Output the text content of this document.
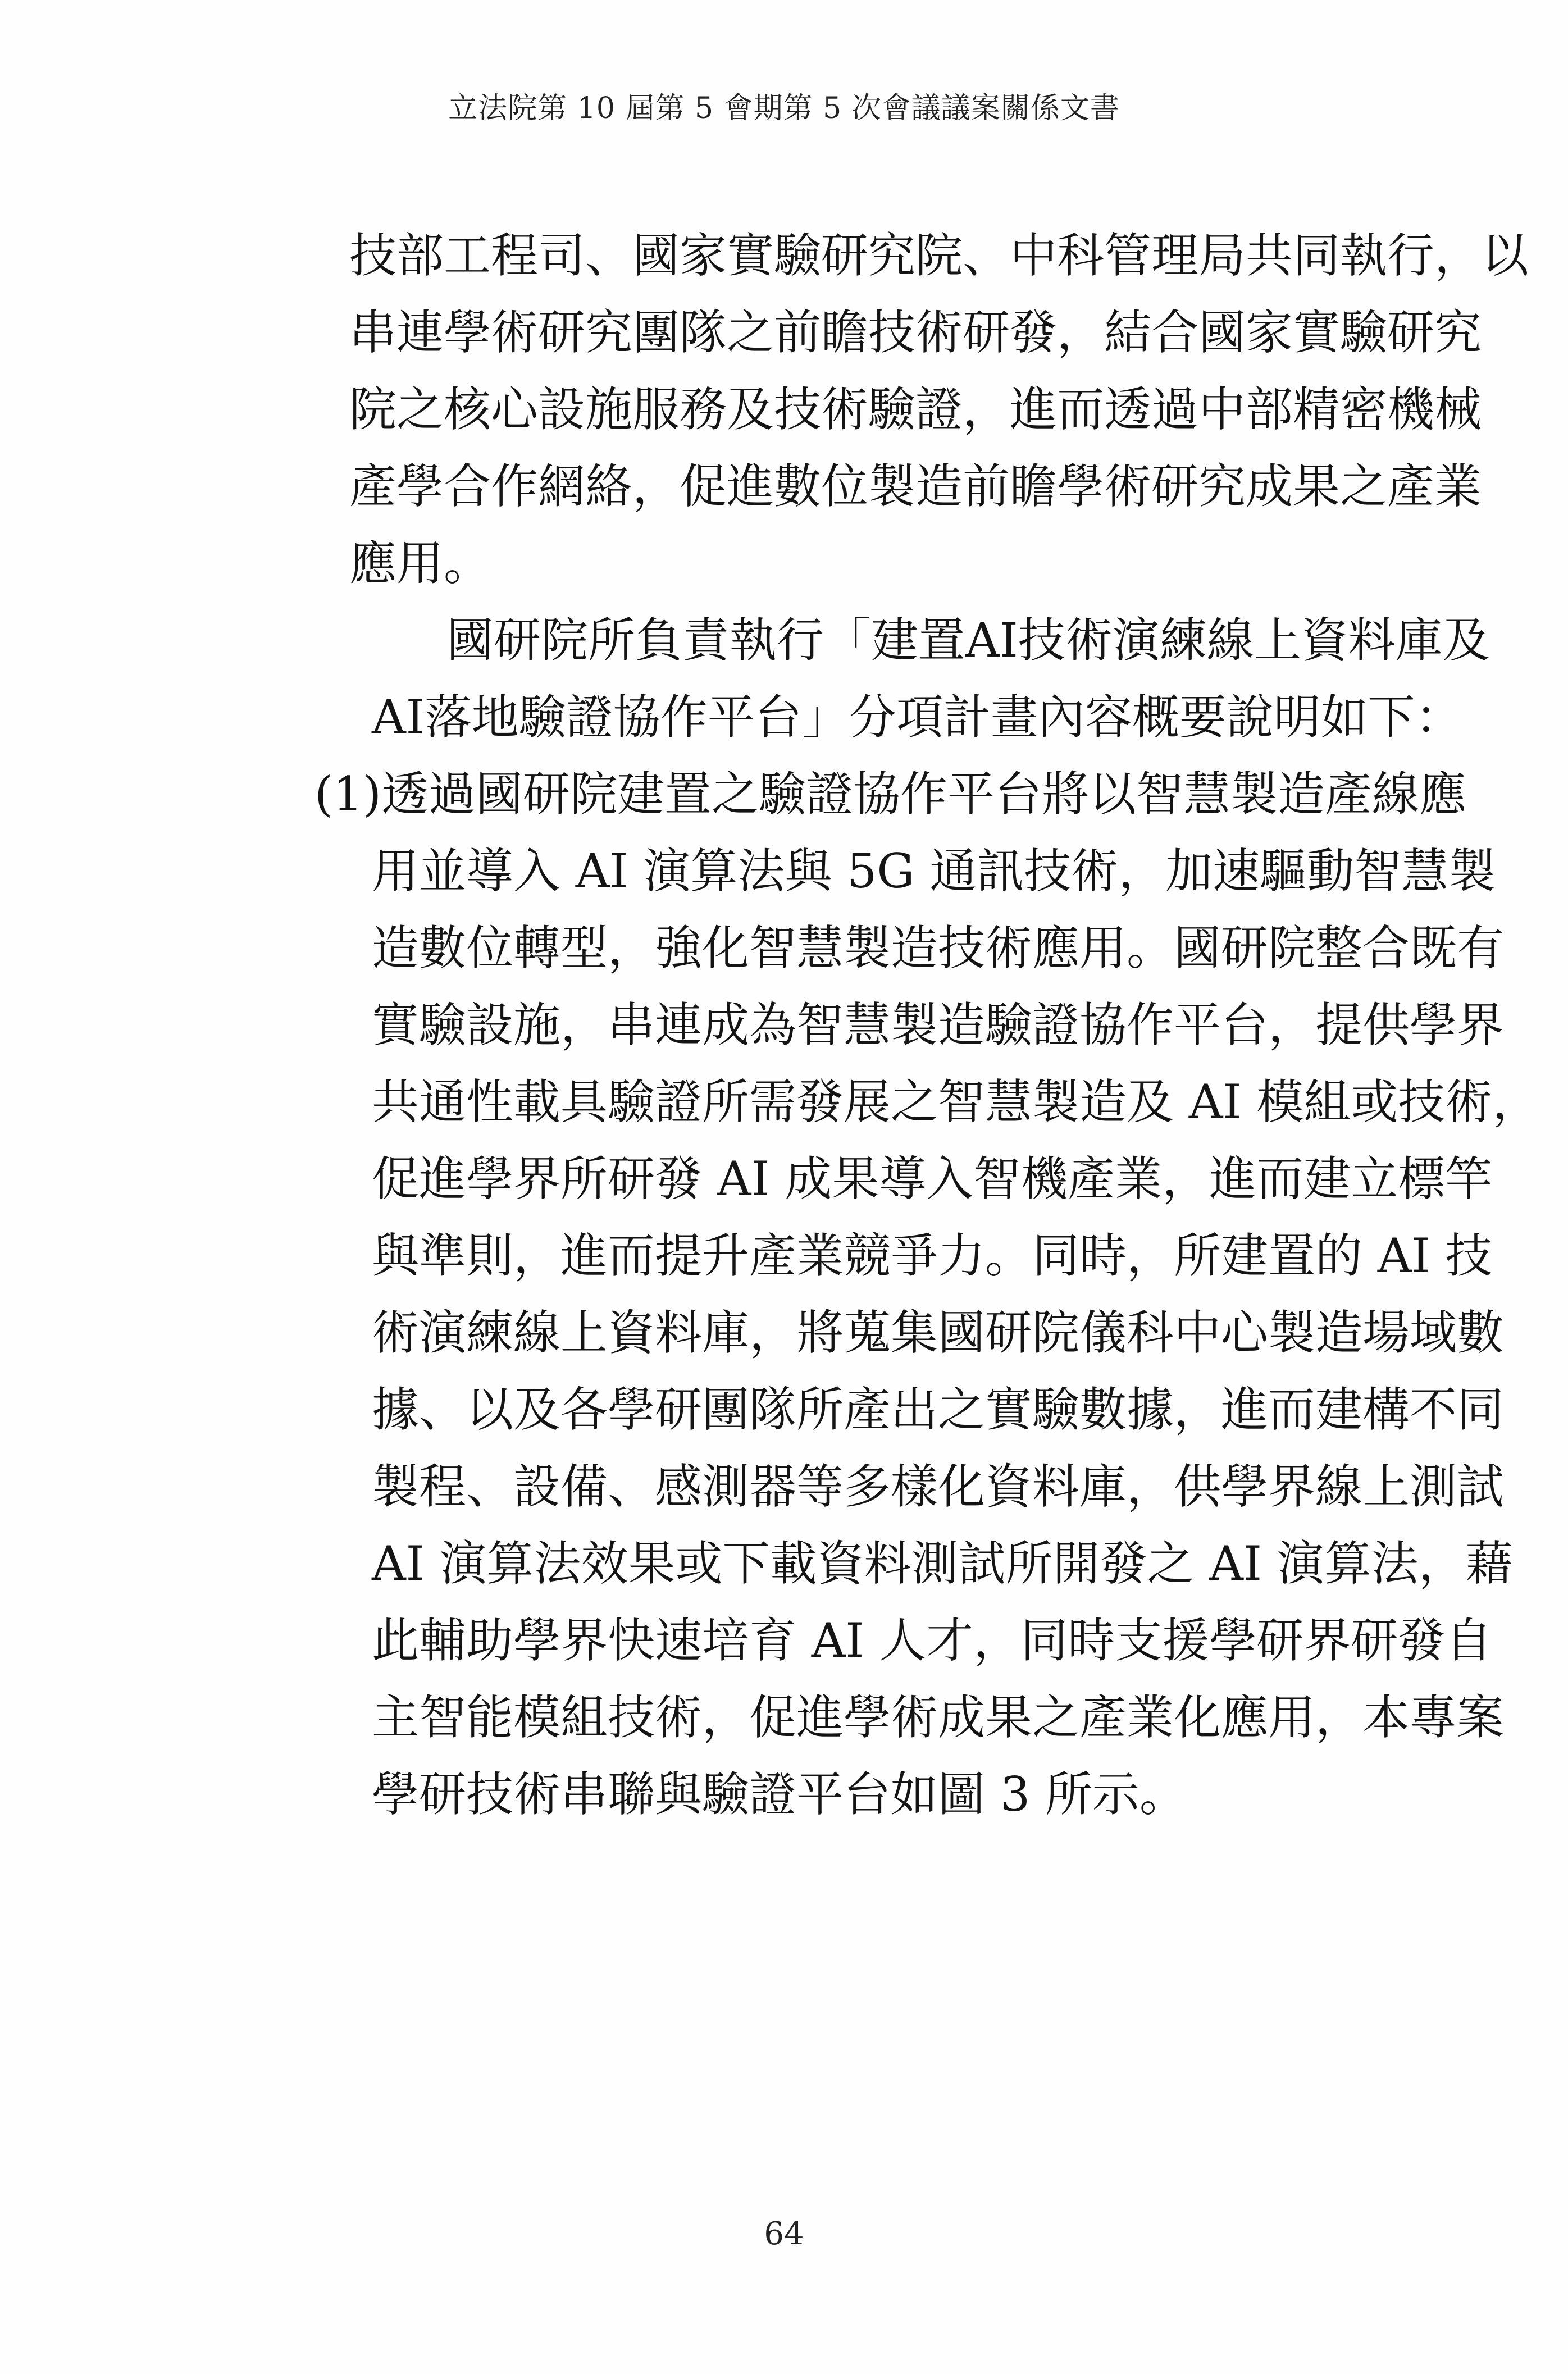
立法院第 10 屆第 5 會期第 5 次會議議案關係文書
技部工程司、國家實驗研究院、中科管理局共同執行，以
串連學術研究團隊之前瞻技術研發，結合國家實驗研究
院之核心設施服務及技術驗證，進而透過中部精密機械
產學合作網絡，促進數位製造前瞻學術研究成果之產業
應用。
國研院所負責執行「建置AI技術演練線上資料庫及
AI落地驗證協作平台」分項計畫內容概要說明如下：
(1)透過國研院建置之驗證協作平台將以智慧製造產線應
用並導入 AI 演算法與 5G 通訊技術，加速驅動智慧製
造數位轉型，強化智慧製造技術應用。國研院整合既有
實驗設施，串連成為智慧製造驗證協作平台，提供學界
共通性載具驗證所需發展之智慧製造及 AI 模組或技術，
促進學界所研發 AI 成果導入智機產業，進而建立標竿
與準則，進而提升產業競爭力。同時，所建置的 AI 技
術演練線上資料庫，將蒐集國研院儀科中心製造場域數
據、以及各學研團隊所產出之實驗數據，進而建構不同
製程、設備、感測器等多樣化資料庫，供學界線上測試
AI 演算法效果或下載資料測試所開發之 AI 演算法，藉
此輔助學界快速培育 AI 人才，同時支援學研界研發自
主智能模組技術，促進學術成果之產業化應用，本專案
學研技術串聯與驗證平台如圖 3 所示。
64
